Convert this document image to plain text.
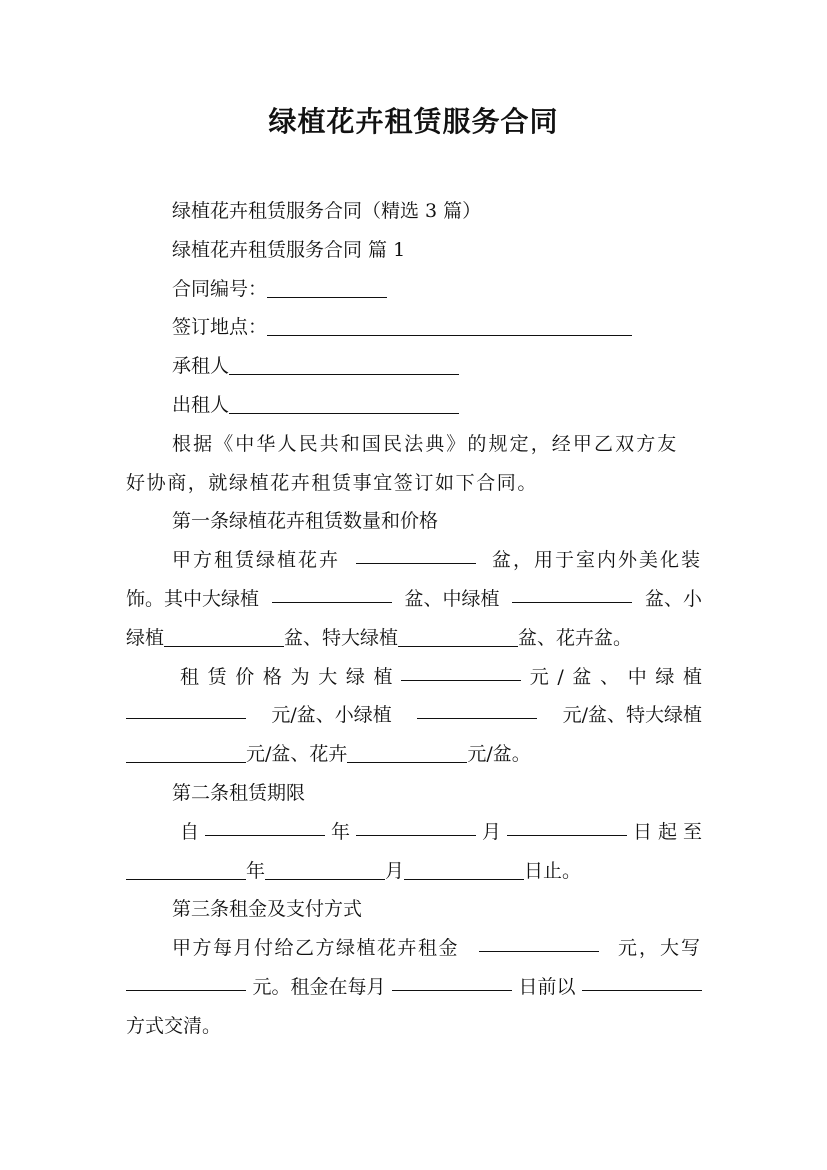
绿植花卉租赁服务合同
绿植花卉租赁服务合同（精选 3 篇）
绿植花卉租赁服务合同 篇 1
合同编号：
签订地点：
承租人
出租人
根据《中华人民共和国民法典》的规定，经甲乙双方友
好协商，就绿植花卉租赁事宜签订如下合同。
第一条绿植花卉租赁数量和价格
甲方租赁绿植花卉	盆，用于室内外美化装
饰。其中大绿植	盆、中绿植	盆、小
绿植	盆、特大绿植	盆、花卉盆。
租 赁 价 格 为 大 绿 植	元 / 盆 、 中 绿 植
元/盆、小绿植	元/盆、特大绿植
元/盆、花卉	元/盆。
第二条租赁期限
自	年	月	日 起 至
年	月	日止。
第三条租金及支付方式
甲方每月付给乙方绿植花卉租金	元，大写
元。租金在每月	日前以
方式交清。
